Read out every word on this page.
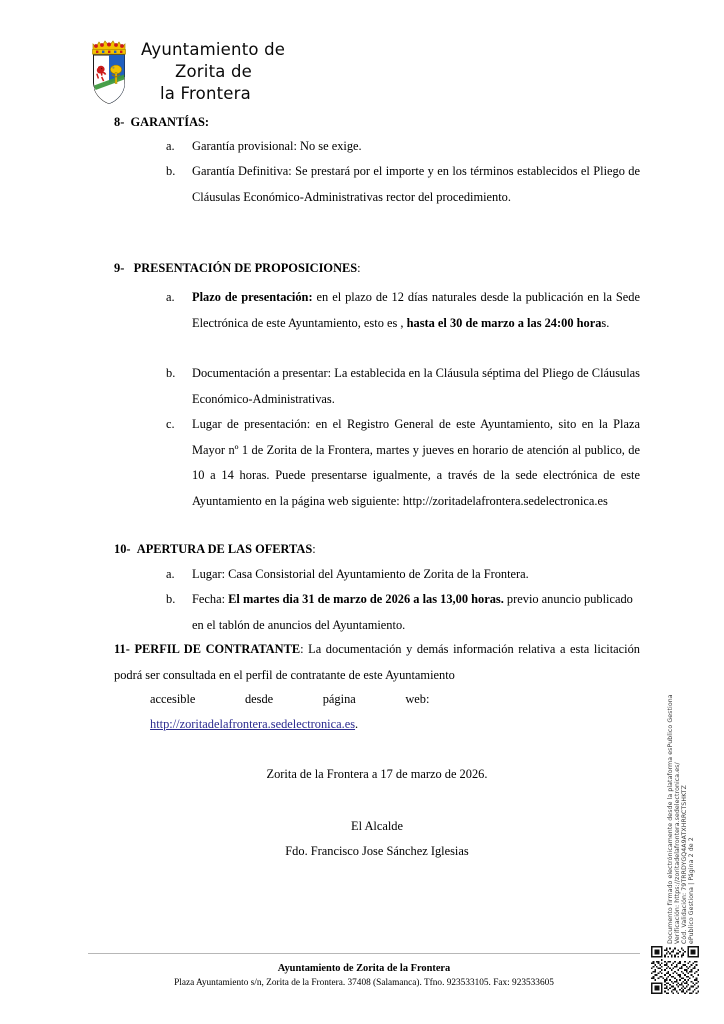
Ayuntamiento de
Zorita de
la Frontera
8- GARANTÍAS:
a.	Garantía provisional: No se exige.
b.	Garantía Definitiva: Se prestará por el importe y en los términos establecidos el Pliego de Cláusulas Económico-Administrativas rector del procedimiento.
9- PRESENTACIÓN DE PROPOSICIONES:
a.	Plazo de presentación: en el plazo de 12 días naturales desde la publicación en la Sede Electrónica de este Ayuntamiento, esto es , hasta el 30 de marzo a las 24:00 horas.
b.	Documentación a presentar: La establecida en la Cláusula séptima del Pliego de Cláusulas Económico-Administrativas.
c.	Lugar de presentación: en el Registro General de este Ayuntamiento, sito en la Plaza Mayor nº 1 de Zorita de la Frontera, martes y jueves en horario de atención al publico, de 10 a 14 horas. Puede presentarse igualmente, a través de la sede electrónica de este Ayuntamiento en la página web siguiente: http://zoritadelafrontera.sedelectronica.es
10- APERTURA DE LAS OFERTAS:
a.	Lugar: Casa Consistorial del Ayuntamiento de Zorita de la Frontera.
b.	Fecha: El martes dia 31 de marzo de 2026 a las 13,00 horas. previo anuncio publicado en el tablón de anuncios del Ayuntamiento.
11- PERFIL DE CONTRATANTE: La documentación y demás información relativa a esta licitación podrá ser consultada en el perfil de contratante de este Ayuntamiento
accesible                desde                página                web:
http://zoritadelafrontera.sedelectronica.es.
Zorita de la Frontera a 17 de marzo de 2026.
El Alcalde
Fdo. Francisco Jose Sánchez Iglesias
Ayuntamiento de Zorita de la Frontera
Plaza Ayuntamiento s/n, Zorita de la Frontera. 37408 (Salamanca). Tfno. 923533105. Fax: 923533605
ePublico Gestiona | Página 2 de 2
Cód. Validación: 79TRRDYGQ4A9ATXHRRCTSHKTZ
Verificación: https://zoritadelafrontera.sedelectronica.es/
Documento firmado electrónicamente desde la plataforma esPublico Gestiona
